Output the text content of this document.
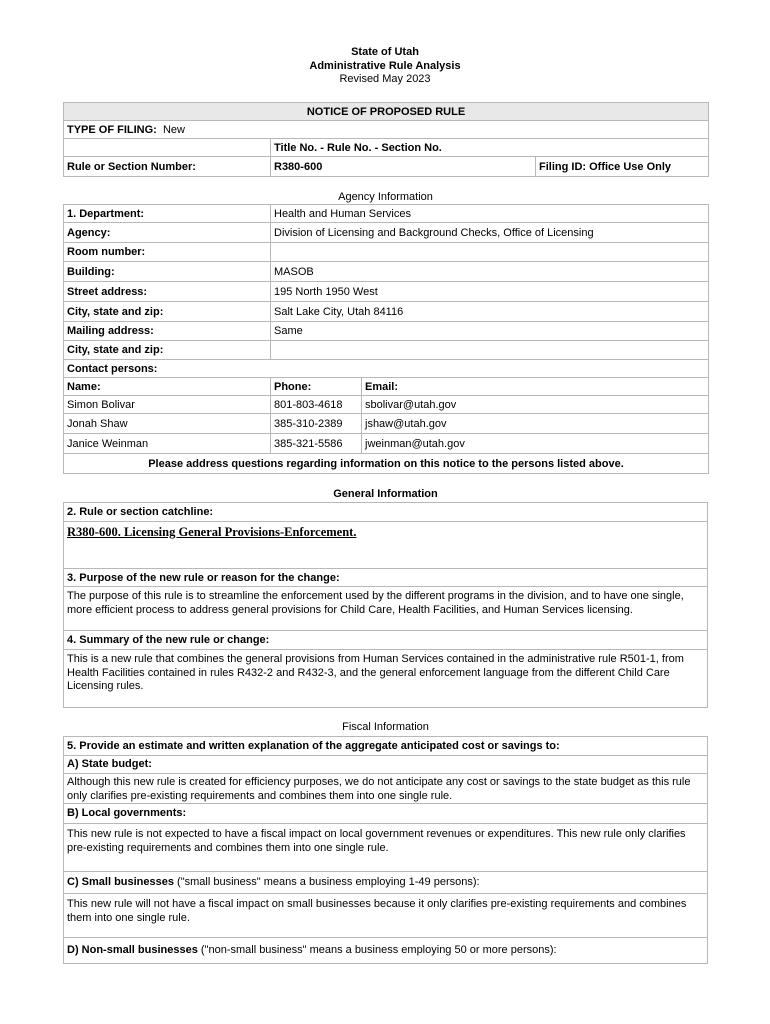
State of Utah
Administrative Rule Analysis
Revised May 2023
NOTICE OF PROPOSED RULE		
TYPE OF FILING: New		
	Title No. - Rule No. - Section No.	
Rule or Section Number:	R380-600	Filing ID: Office Use Only
Agency Information
1. Department:	Health and Human Services	
Agency:	Division of Licensing and Background Checks, Office of Licensing	
Room number:		
Building:	MASOB	
Street address:	195 North 1950 West	
City, state and zip:	Salt Lake City, Utah 84116	
Mailing address:	Same	
City, state and zip:		
Contact persons:		
Name:	Phone:	Email:
Simon Bolivar	801-803-4618	sbolivar@utah.gov
Jonah Shaw	385-310-2389	jshaw@utah.gov
Janice Weinman	385-321-5586	jweinman@utah.gov
Please address questions regarding information on this notice to the persons listed above.		
General Information
2. Rule or section catchline:
R380-600. Licensing General Provisions-Enforcement.
3. Purpose of the new rule or reason for the change:
The purpose of this rule is to streamline the enforcement used by the different programs in the division, and to have one single, more efficient process to address general provisions for Child Care, Health Facilities, and Human Services licensing.
4. Summary of the new rule or change:
This is a new rule that combines the general provisions from Human Services contained in the administrative rule R501-1, from Health Facilities contained in rules R432-2 and R432-3, and the general enforcement language from the different Child Care Licensing rules.
Fiscal Information
5. Provide an estimate and written explanation of the aggregate anticipated cost or savings to:
A) State budget:
Although this new rule is created for efficiency purposes, we do not anticipate any cost or savings to the state budget as this rule only clarifies pre-existing requirements and combines them into one single rule.
B) Local governments:
This new rule is not expected to have a fiscal impact on local government revenues or expenditures. This new rule only clarifies pre-existing requirements and combines them into one single rule.
C) Small businesses ("small business" means a business employing 1-49 persons):
This new rule will not have a fiscal impact on small businesses because it only clarifies pre-existing requirements and combines them into one single rule.
D) Non-small businesses ("non-small business" means a business employing 50 or more persons):
